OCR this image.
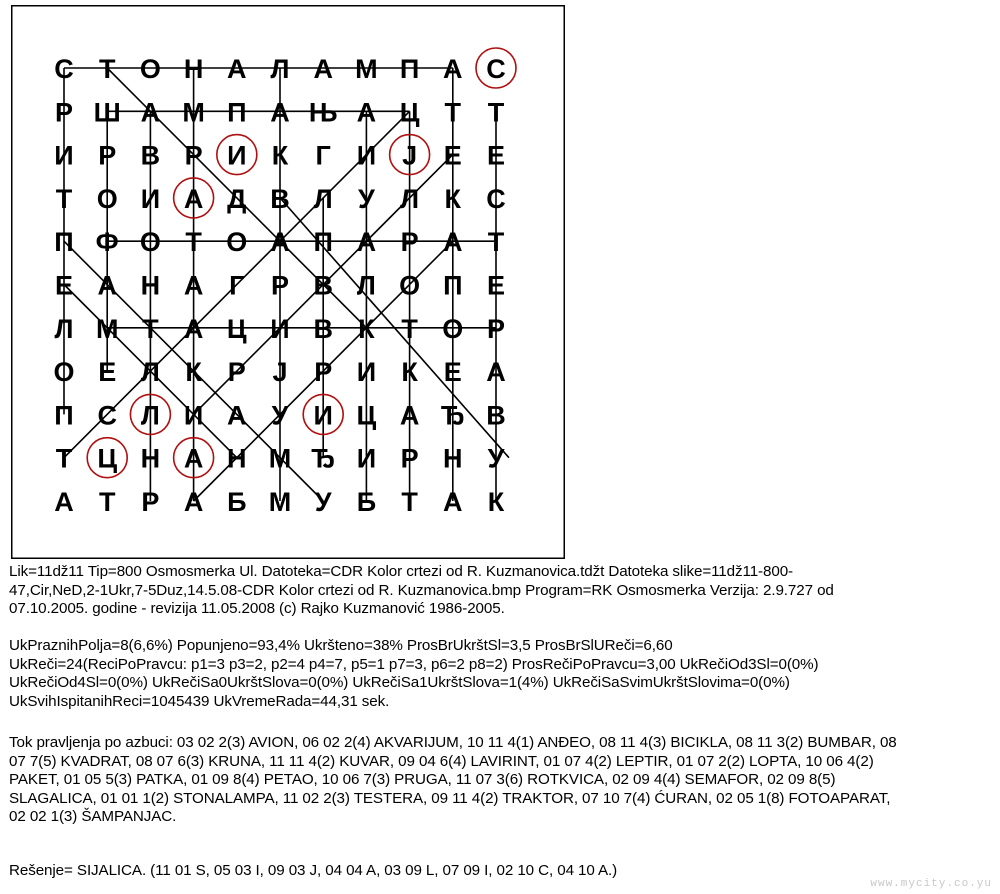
С Т О Н А Л А М П А С
Р Ш А М П А Њ А Ц Т Т
И Р В Р И К Г И Ј Е Е
Т О И А Д В Л У Л К С
П Ф О Т О А П А Р А Т
Е А Н А Г Р В Л О П Е
Л М Т А Ц И В К Т О Р
О Е Л К Р Ј Р И К Е А
П С Л И А У И Ц А Ђ В
Т Ц Н А Н М Ђ И Р Н У
А Т Р А Б М У Б Т А К
Lik=11dž11 Tip=800 Osmosmerka Ul. Datoteka=CDR Kolor crtezi od R. Kuzmanovica.tdžt Datoteka slike=11dž11-800-
47,Cir,NeD,2-1Ukr,7-5Duz,14.5.08-CDR Kolor crtezi od R. Kuzmanovica.bmp Program=RK Osmosmerka Verzija: 2.9.727 od
07.10.2005. godine - revizija 11.05.2008 (c) Rajko Kuzmanović 1986-2005.
UkPraznihPolja=8(6,6%) Popunjeno=93,4% Ukršteno=38% ProsBrUkrštSl=3,5 ProsBrSlUReči=6,60
UkReči=24(ReciPoPravcu: p1=3 p3=2, p2=4 p4=7, p5=1 p7=3, p6=2 p8=2) ProsRečiPoPravcu=3,00 UkRečiOd3Sl=0(0%)
UkRečiOd4Sl=0(0%) UkRečiSa0UkrštSlova=0(0%) UkRečiSa1UkrštSlova=1(4%) UkRečiSaSvimUkrštSlovima=0(0%)
UkSvihIspitanihReci=1045439 UkVremeRada=44,31 sek.
Tok pravljenja po azbuci: 03 02 2(3) AVION, 06 02 2(4) AKVARIJUM, 10 11 4(1) ANĐEO, 08 11 4(3) BICIKLA, 08 11 3(2) BUMBAR, 08
07 7(5) KVADRAT, 08 07 6(3) KRUNA, 11 11 4(2) KUVAR, 09 04 6(4) LAVIRINT, 01 07 4(2) LEPTIR, 01 07 2(2) LOPTA, 10 06 4(2)
PAKET, 01 05 5(3) PATKA, 01 09 8(4) PETAO, 10 06 7(3) PRUGA, 11 07 3(6) ROTKVICA, 02 09 4(4) SEMAFOR, 02 09 8(5)
SLAGALICA, 01 01 1(2) STONALAMPA, 11 02 2(3) TESTERA, 09 11 4(2) TRAKTOR, 07 10 7(4) ĆURAN, 02 05 1(8) FOTOAPARAT,
02 02 1(3) ŠAMPANJAC.
Rešenje= SIJALICA. (11 01 S, 05 03 I, 09 03 J, 04 04 A, 03 09 L, 07 09 I, 02 10 C, 04 10 A.)
www.mycity.co.yu
